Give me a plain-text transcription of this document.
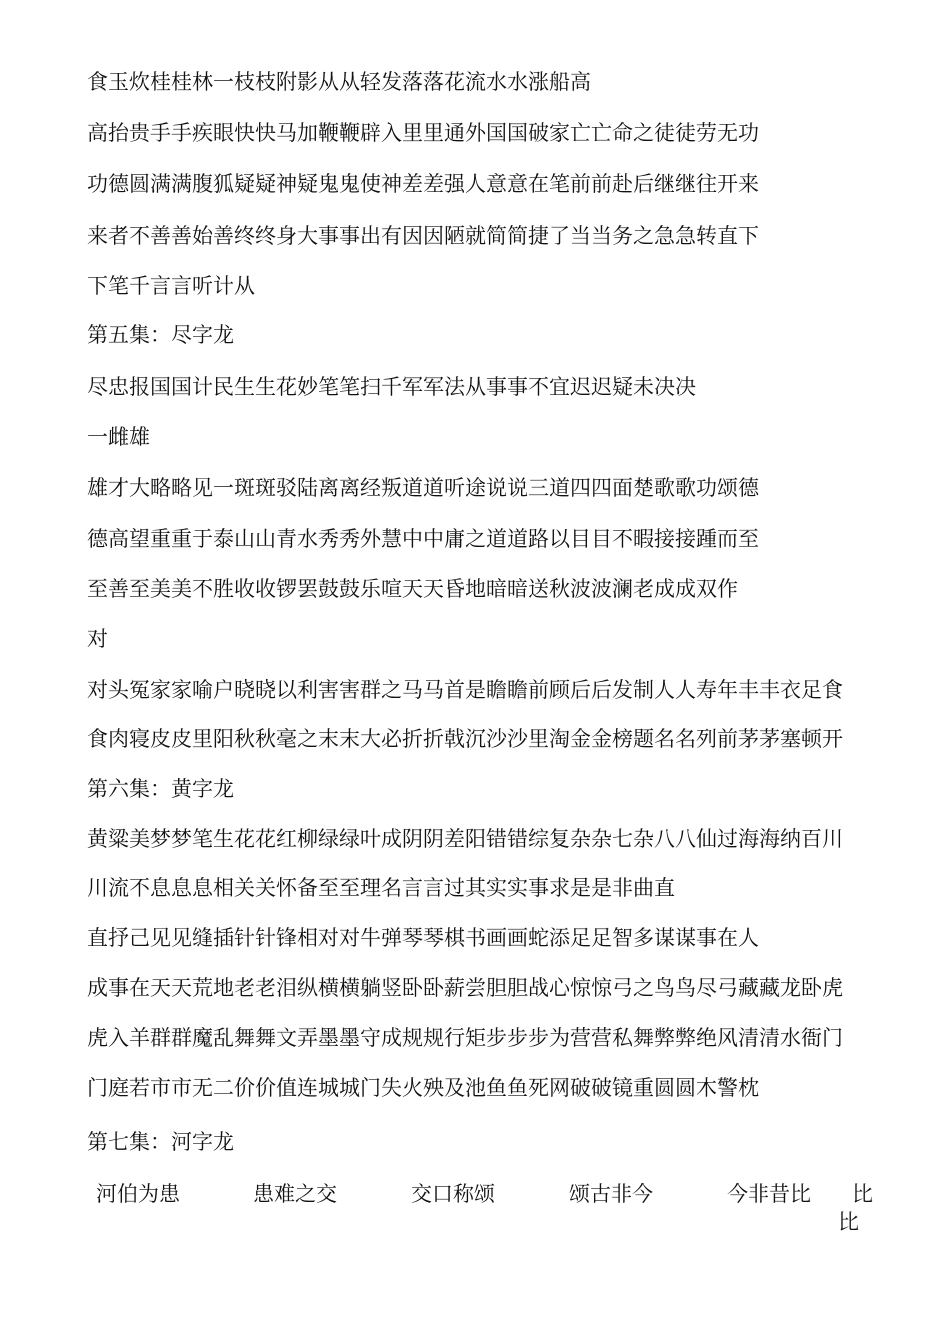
食玉炊桂桂林一枝枝附影从从轻发落落花流水水涨船高
高抬贵手手疾眼快快马加鞭鞭辟入里里通外国国破家亡亡命之徒徒劳无功
功德圆满满腹狐疑疑神疑鬼鬼使神差差强人意意在笔前前赴后继继往开来
来者不善善始善终终身大事事出有因因陋就简简捷了当当务之急急转直下
下笔千言言听计从
第五集：尽字龙
尽忠报国国计民生生花妙笔笔扫千军军法从事事不宜迟迟疑未决决
一雌雄
雄才大略略见一斑斑驳陆离离经叛道道听途说说三道四四面楚歌歌功颂德
德高望重重于泰山山青水秀秀外慧中中庸之道道路以目目不暇接接踵而至
至善至美美不胜收收锣罢鼓鼓乐喧天天昏地暗暗送秋波波澜老成成双作
对
对头冤家家喻户晓晓以利害害群之马马首是瞻瞻前顾后后发制人人寿年丰丰衣足食
食肉寝皮皮里阳秋秋毫之末末大必折折戟沉沙沙里淘金金榜题名名列前茅茅塞顿开
第六集：黄字龙
黄粱美梦梦笔生花花红柳绿绿叶成阴阴差阳错错综复杂杂七杂八八仙过海海纳百川
川流不息息息相关关怀备至至理名言言过其实实事求是是非曲直
直抒己见见缝插针针锋相对对牛弹琴琴棋书画画蛇添足足智多谋谋事在人
成事在天天荒地老老泪纵横横躺竖卧卧薪尝胆胆战心惊惊弓之鸟鸟尽弓藏藏龙卧虎
虎入羊群群魔乱舞舞文弄墨墨守成规规行矩步步步为营营私舞弊弊绝风清清水衙门
门庭若市市无二价价值连城城门失火殃及池鱼鱼死网破破镜重圆圆木警枕
第七集：河字龙
河伯为患	患难之交	交口称颂	颂古非今	今非昔比 比
比
